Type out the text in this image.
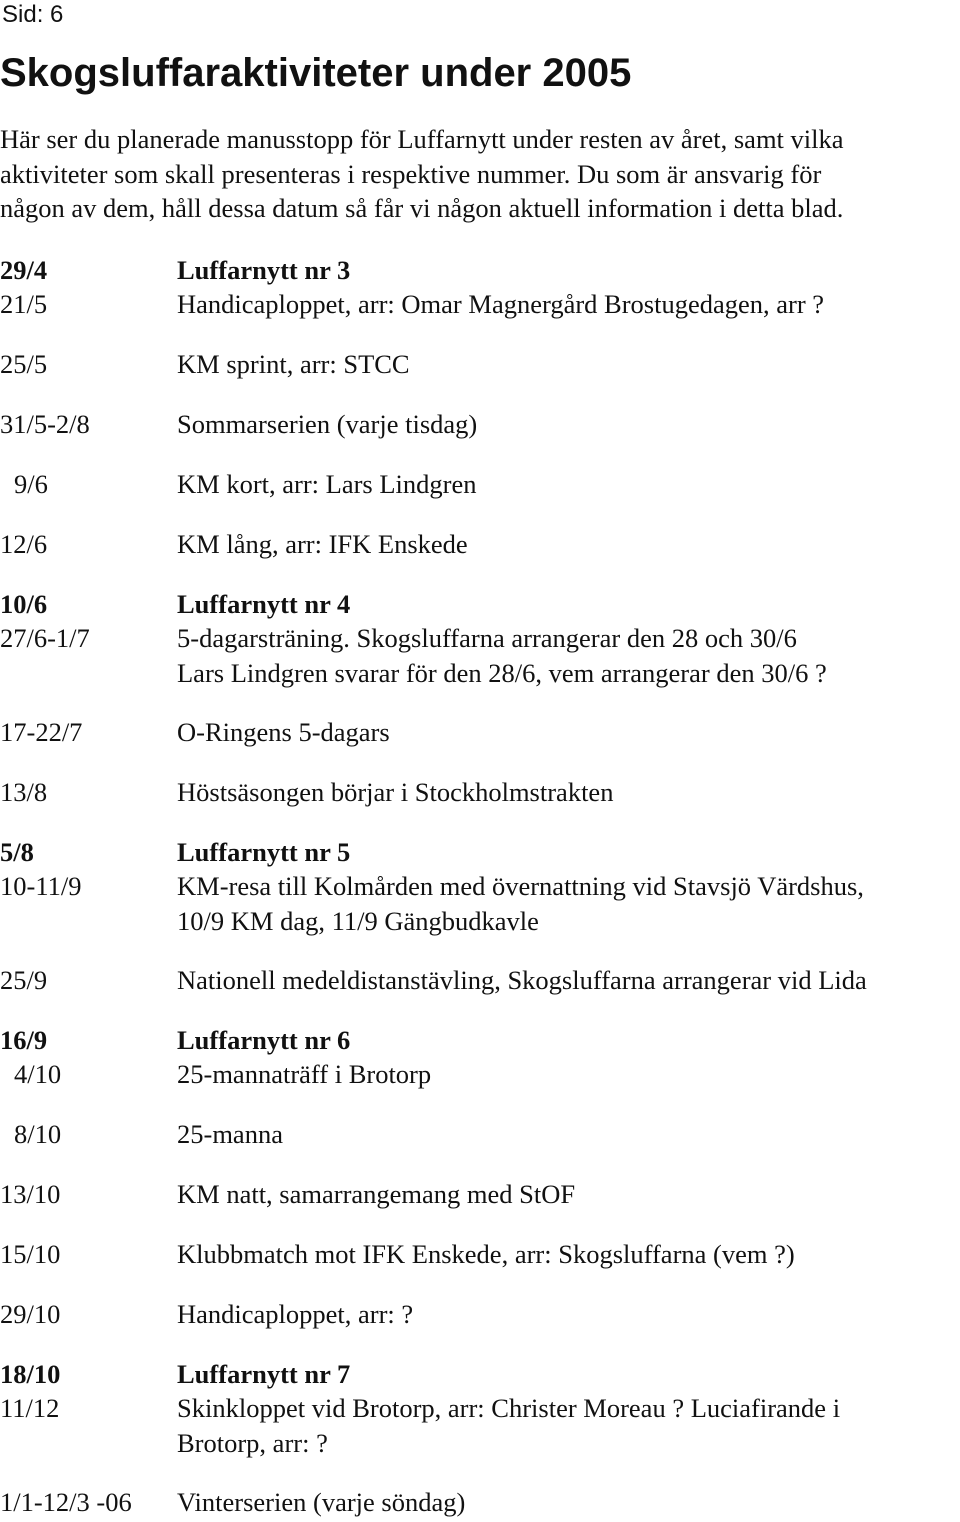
Sid: 6
Skogsluffaraktiviteter under 2005

Här ser du planerade manusstopp för Luffarnytt under resten av året, samt vilka
aktiviteter som skall presenteras i respektive nummer. Du som är ansvarig för
någon av dem, håll dessa datum så får vi någon aktuell information i detta blad.

29/4	Luffarnytt nr 3
21/5	Handicaploppet, arr: Omar Magnergård Brostugedagen, arr ?
25/5	KM sprint, arr: STCC
31/5-2/8	Sommarserien (varje tisdag)
9/6	KM kort, arr: Lars Lindgren
12/6	KM lång, arr: IFK Enskede
10/6	Luffarnytt nr 4
27/6-1/7	5-dagarsträning. Skogsluffarna arrangerar den 28 och 30/6
Lars Lindgren svarar för den 28/6, vem arrangerar den 30/6 ?
17-22/7	O-Ringens 5-dagars
13/8	Höstsäsongen börjar i Stockholmstrakten
5/8	Luffarnytt nr 5
10-11/9	KM-resa till Kolmården med övernattning vid Stavsjö Värdshus,
10/9 KM dag, 11/9 Gängbudkavle
25/9	Nationell medeldistanstävling, Skogsluffarna arrangerar vid Lida
16/9	Luffarnytt nr 6
4/10	25-mannaträff i Brotorp
8/10	25-manna
13/10	KM natt, samarrangemang med StOF
15/10	Klubbmatch mot IFK Enskede, arr: Skogsluffarna (vem ?)
29/10	Handicaploppet, arr: ?
18/10	Luffarnytt nr 7
11/12	Skinkloppet vid Brotorp, arr: Christer Moreau ? Luciafirande i
Brotorp, arr: ?
1/1-12/3 -06 Vinterserien (varje söndag)
